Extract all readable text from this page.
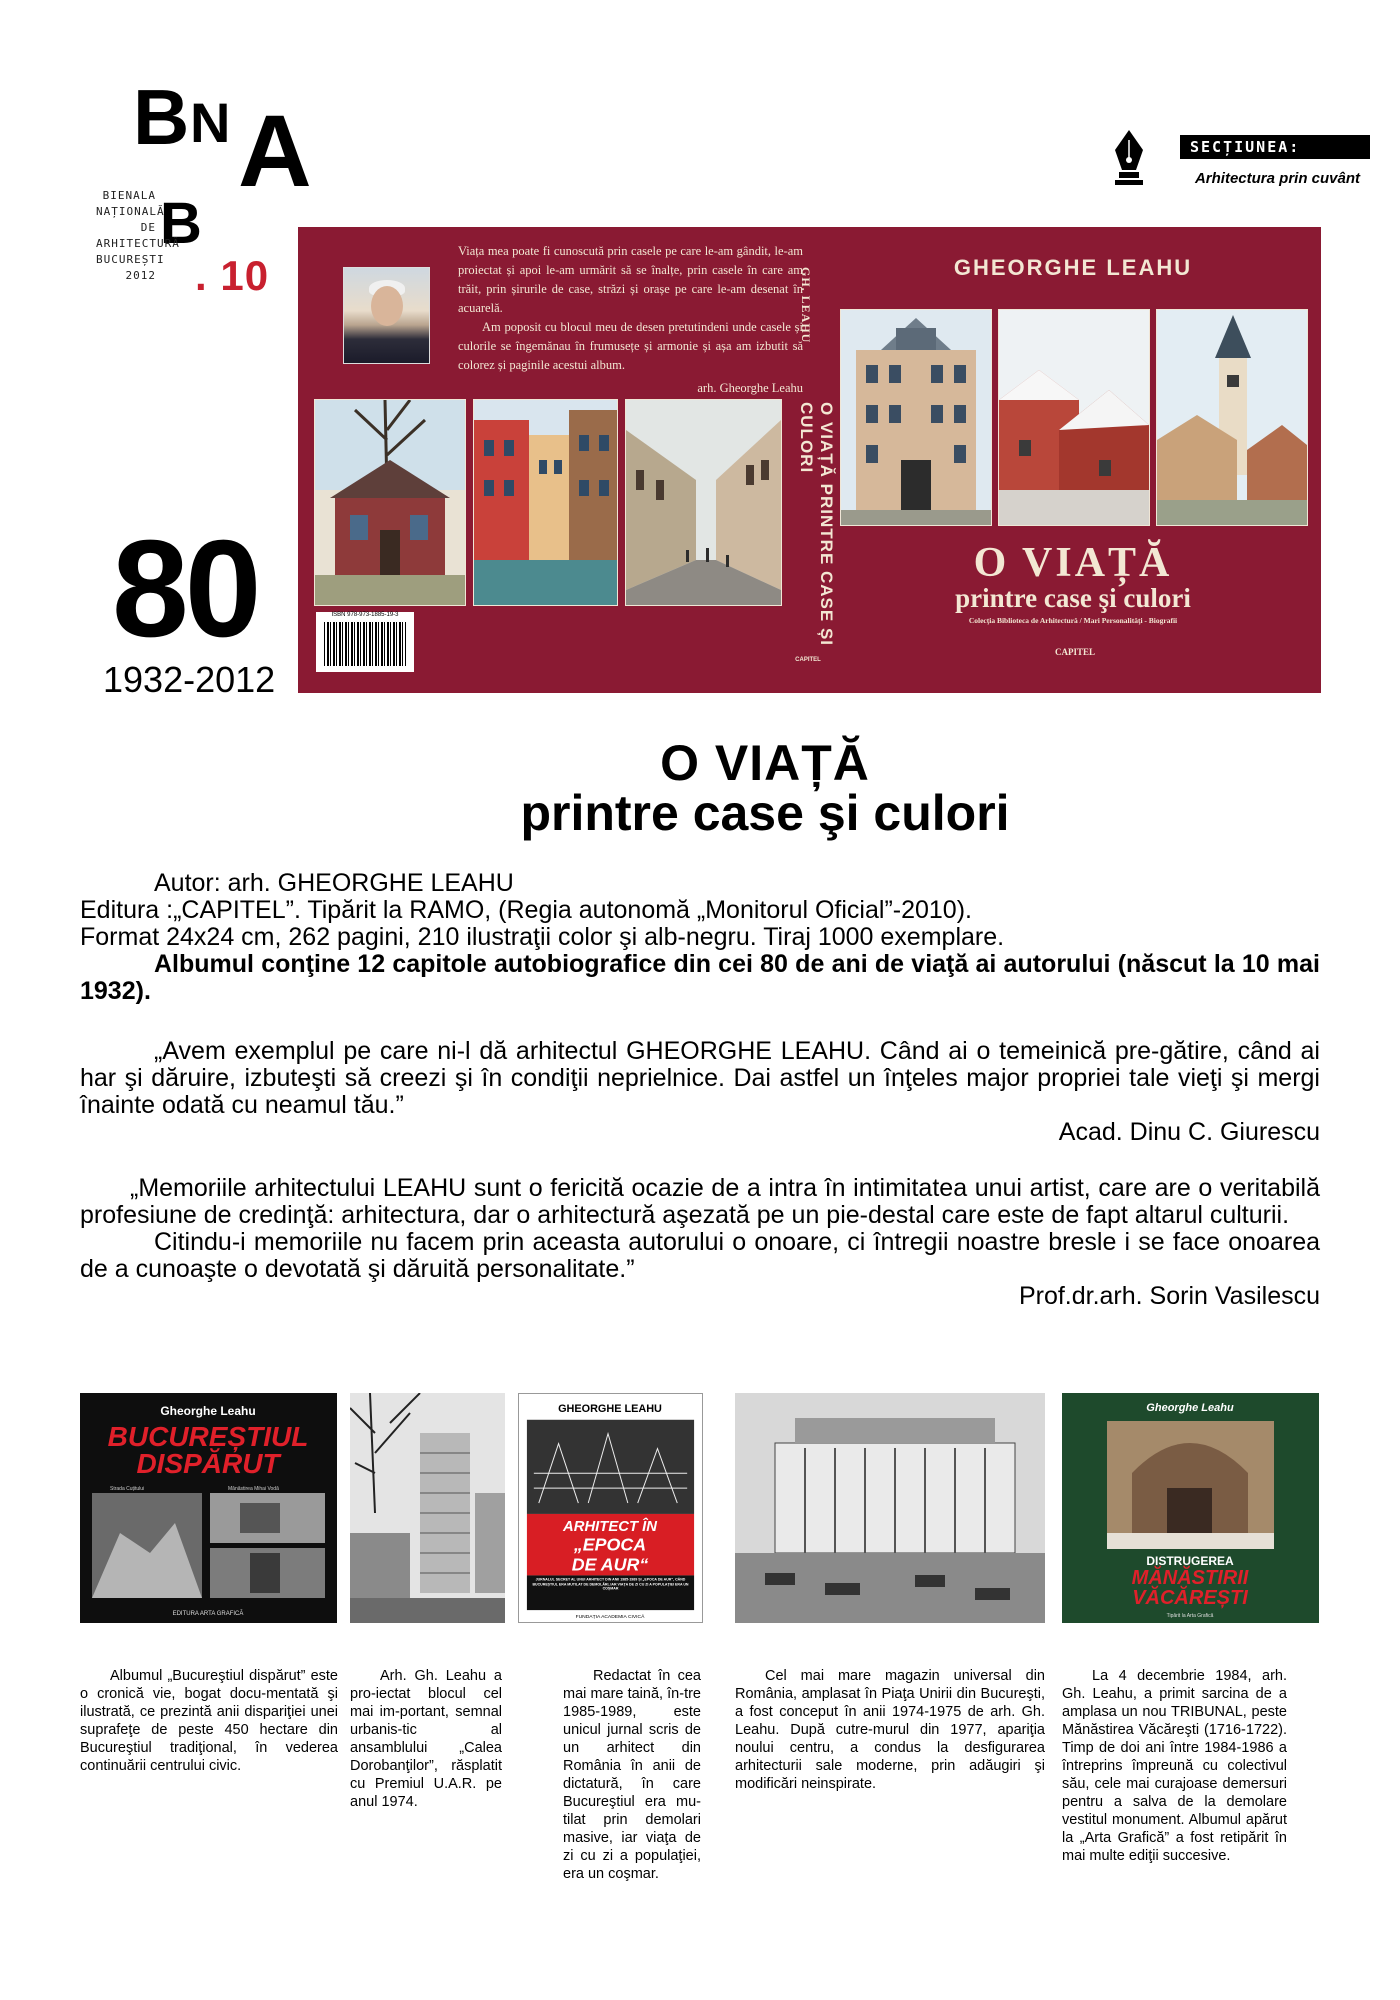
B N A
B
BIENALA
NAȚIONALĂ
DE
ARHITECTURĂ
BUCUREȘTI
2012 . 10
SECȚIUNEA:
Arhitectura prin cuvânt
80
1932-2012
Viața mea poate fi cunoscută prin casele pe care le-am gândit, le-am proiectat și apoi le-am urmărit să se înalțe, prin casele în care am trăit, prin șirurile de case, străzi și orașe pe care le-am desenat în acuarelă.
Am poposit cu blocul meu de desen pretutindeni unde casele și culorile se îngemănau în frumusețe și armonie și așa am izbutit să colorez și paginile acestui album.
arh. Gheorghe Leahu
ISBN 978-973-1885-19-3
GH. LEAHU
O VIAȚĂ PRINTRE CASE ȘI CULORI
CAPITEL
GHEORGHE LEAHU
O VIAȚĂ
printre case şi culori
Colecţia Biblioteca de Arhitectură / Mari Personalităţi - Biografii
CAPITEL
O VIAȚĂ
printre case şi culori
Autor: arh. GHEORGHE LEAHU
Editura :„CAPITEL”. Tipărit la RAMO, (Regia autonomă „Monitorul Oficial”-2010).
Format 24x24 cm, 262 pagini, 210 ilustraţii color şi alb-negru. Tiraj 1000 exemplare.
Albumul conţine 12 capitole autobiografice din cei 80 de ani de viaţă ai autorului (născut la 10 mai 1932).
„Avem exemplul pe care ni-l dă arhitectul GHEORGHE LEAHU. Când ai o temeinică pre-gătire, când ai har şi dăruire, izbuteşti să creezi şi în condiţii neprielnice. Dai astfel un înţeles major propriei tale vieţi şi mergi înainte odată cu neamul tău.”
Acad. Dinu C. Giurescu
„Memoriile arhitectului LEAHU sunt o fericită ocazie de a intra în intimitatea unui artist, care are o veritabilă profesiune de credinţă: arhitectura, dar o arhitectură aşezată pe un pie-destal care este de fapt altarul culturii.
Citindu-i memoriile nu facem prin aceasta autorului o onoare, ci întregii noastre bresle i se face onoarea de a cunoaşte o devotată şi dăruită personalitate.”
Prof.dr.arh. Sorin Vasilescu
Gheorghe Leahu
BUCUREȘTIUL
DISPĂRUT
Strada Cuțitului	Mănăstirea Mihai Vodă
EDITURA ARTA GRAFICĂ
GHEORGHE LEAHU
ARHITECT ÎN
„EPOCA
DE AUR“
JURNALUL SECRET AL UNUI ARHITECT DIN ANII 1985-1989 ȘI „EPOCA DE AUR”, CÂND BUCUREȘTIUL ERA MUTILAT DE DEMOLĂRI, IAR VIAȚA DE ZI CU ZI A POPULAȚIEI ERA UN COȘMAR
FUNDAȚIA ACADEMIA CIVICĂ
Gheorghe Leahu
DISTRUGEREA
MĂNĂSTIRII
VĂCĂREȘTI
Tipărit la Arta Grafică
Albumul „Bucureştiul dispărut” este o cronică vie, bogat docu-mentată şi ilustrată, ce prezintă anii dispariţiei unei suprafeţe de peste 450 hectare din Bucureştiul tradiţional, în vederea continuării centrului civic.
Arh. Gh. Leahu a pro-iectat blocul cel mai im-portant, semnal urbanis-tic al ansamblului „Calea Dorobanţilor”, răsplatit cu Premiul U.A.R. pe anul 1974.
Redactat în cea mai mare taină, în-tre 1985-1989, este unicul jurnal scris de un arhitect din România în anii de dictatură, în care Bucureştiul era mu-tilat prin demolari masive, iar viaţa de zi cu zi a populaţiei, era un coşmar.
Cel mai mare magazin universal din România, amplasat în Piaţa Unirii din Bucureşti, a fost conceput în anii 1974-1975 de arh. Gh. Leahu. După cutre-murul din 1977, apariţia noului centru, a condus la desfigurarea arhitecturii sale moderne, prin adăugiri şi modificări neinspirate.
La 4 decembrie 1984, arh. Gh. Leahu, a primit sarcina de a amplasa un nou TRIBUNAL, peste Mănăstirea Văcăreşti (1716-1722). Timp de doi ani între 1984-1986 a întreprins împreună cu colectivul său, cele mai curajoase demersuri pentru a salva de la demolare vestitul monument. Albumul apărut la „Arta Grafică” a fost retipărit în mai multe ediţii succesive.
